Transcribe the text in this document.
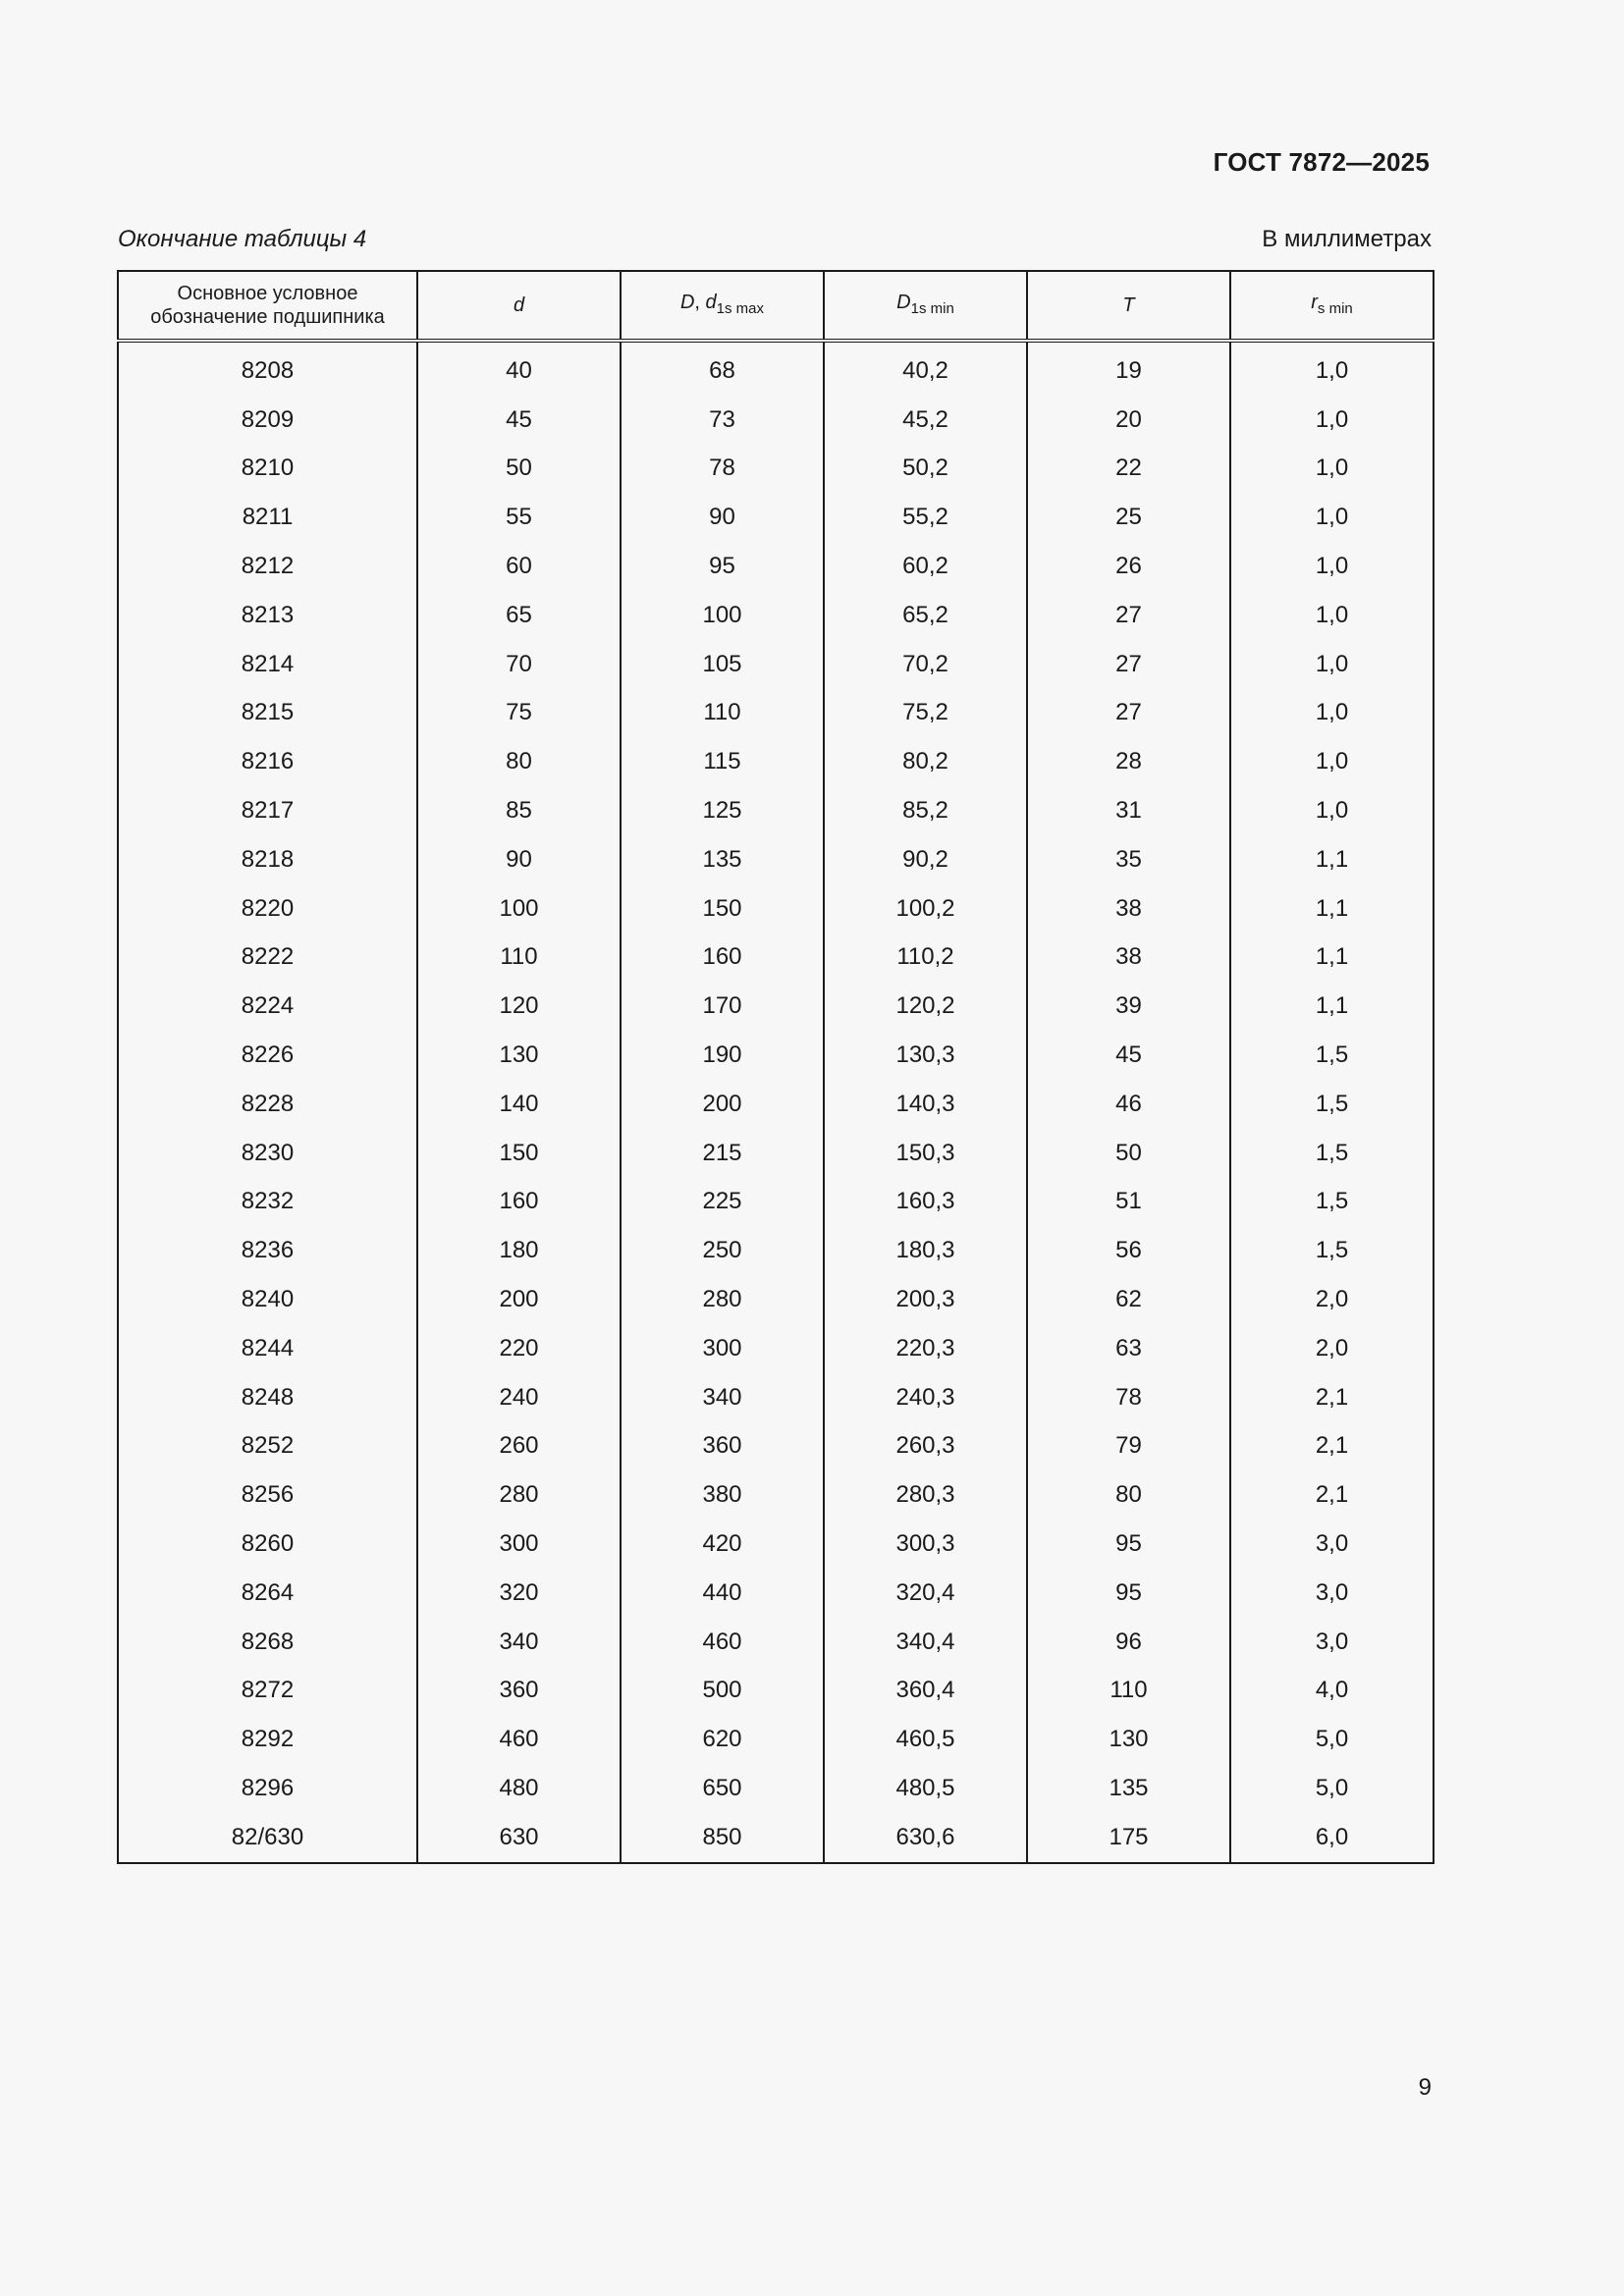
ГОСТ 7872—2025
Окончание таблицы 4	В миллиметрах
Основное условное
обозначение подшипника	d	D, $d_{1s max}$	$D_{1s min}$	T	$r_{s min}$
8208	40	68	40,2	19	1,0
8209	45	73	45,2	20	1,0
8210	50	78	50,2	22	1,0
8211	55	90	55,2	25	1,0
8212	60	95	60,2	26	1,0
8213	65	100	65,2	27	1,0
8214	70	105	70,2	27	1,0
8215	75	110	75,2	27	1,0
8216	80	115	80,2	28	1,0
8217	85	125	85,2	31	1,0
8218	90	135	90,2	35	1,1
8220	100	150	100,2	38	1,1
8222	110	160	110,2	38	1,1
8224	120	170	120,2	39	1,1
8226	130	190	130,3	45	1,5
8228	140	200	140,3	46	1,5
8230	150	215	150,3	50	1,5
8232	160	225	160,3	51	1,5
8236	180	250	180,3	56	1,5
8240	200	280	200,3	62	2,0
8244	220	300	220,3	63	2,0
8248	240	340	240,3	78	2,1
8252	260	360	260,3	79	2,1
8256	280	380	280,3	80	2,1
8260	300	420	300,3	95	3,0
8264	320	440	320,4	95	3,0
8268	340	460	340,4	96	3,0
8272	360	500	360,4	110	4,0
8292	460	620	460,5	130	5,0
8296	480	650	480,5	135	5,0
82/630	630	850	630,6	175	6,0
9
